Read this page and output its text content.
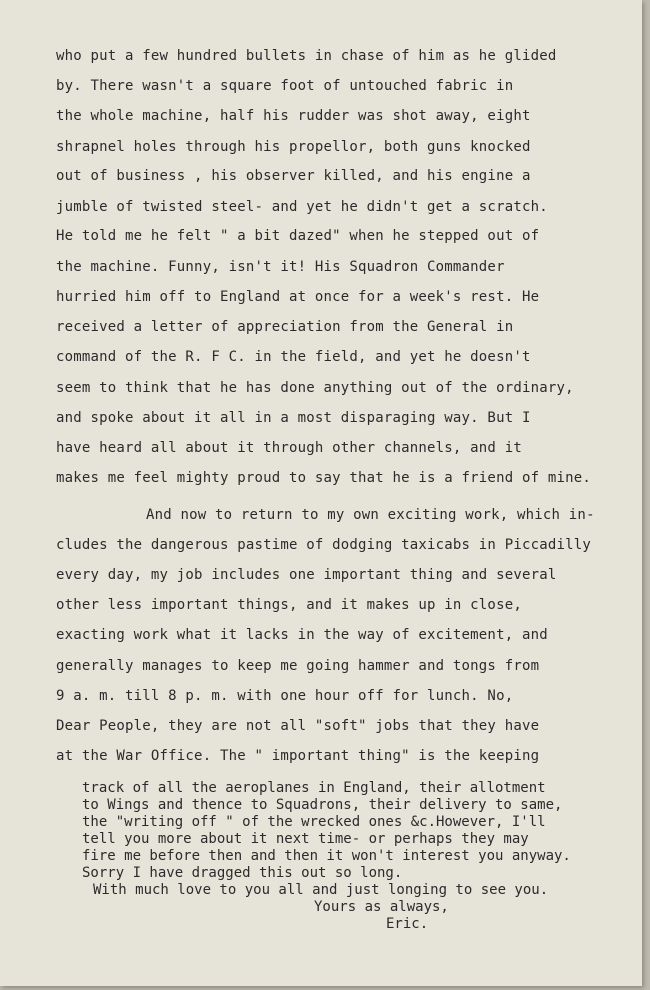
who put a few hundred bullets in chase of him as he glided
by. There wasn't a square foot of untouched fabric in
the whole machine, half his rudder was shot away, eight
shrapnel holes through his propellor, both guns knocked
out of business , his observer killed, and his engine a
jumble of twisted steel- and yet he didn't get a scratch.
He told me he felt " a bit dazed" when he stepped out of
the machine. Funny, isn't it! His Squadron Commander
hurried him off to England at once for a week's rest. He
received a letter of appreciation from the General in
command of the R. F C. in the field, and yet he doesn't
seem to think that he has done anything out of the ordinary,
and spoke about it all in a most disparaging way. But I
have heard all about it through other channels, and it
makes me feel mighty proud to say that he is a friend of mine.
And now to return to my own exciting work, which in-
cludes the dangerous pastime of dodging taxicabs in Piccadilly
every day, my job includes one important thing and several
other less important things, and it makes up in close,
exacting work what it lacks in the way of excitement, and
generally manages to keep me going hammer and tongs from
9 a. m. till 8 p. m. with one hour off for lunch. No,
Dear People, they are not all "soft" jobs that they have
at the War Office. The " important thing" is the keeping
track of all the aeroplanes in England, their allotment
to Wings and thence to Squadrons, their delivery to same,
the "writing off " of the wrecked ones &c.However, I'll
tell you more about it next time- or perhaps they may
fire me before then and then it won't interest you anyway.
Sorry I have dragged this out so long.
With much love to you all and just longing to see you.
Yours as always,
Eric.
